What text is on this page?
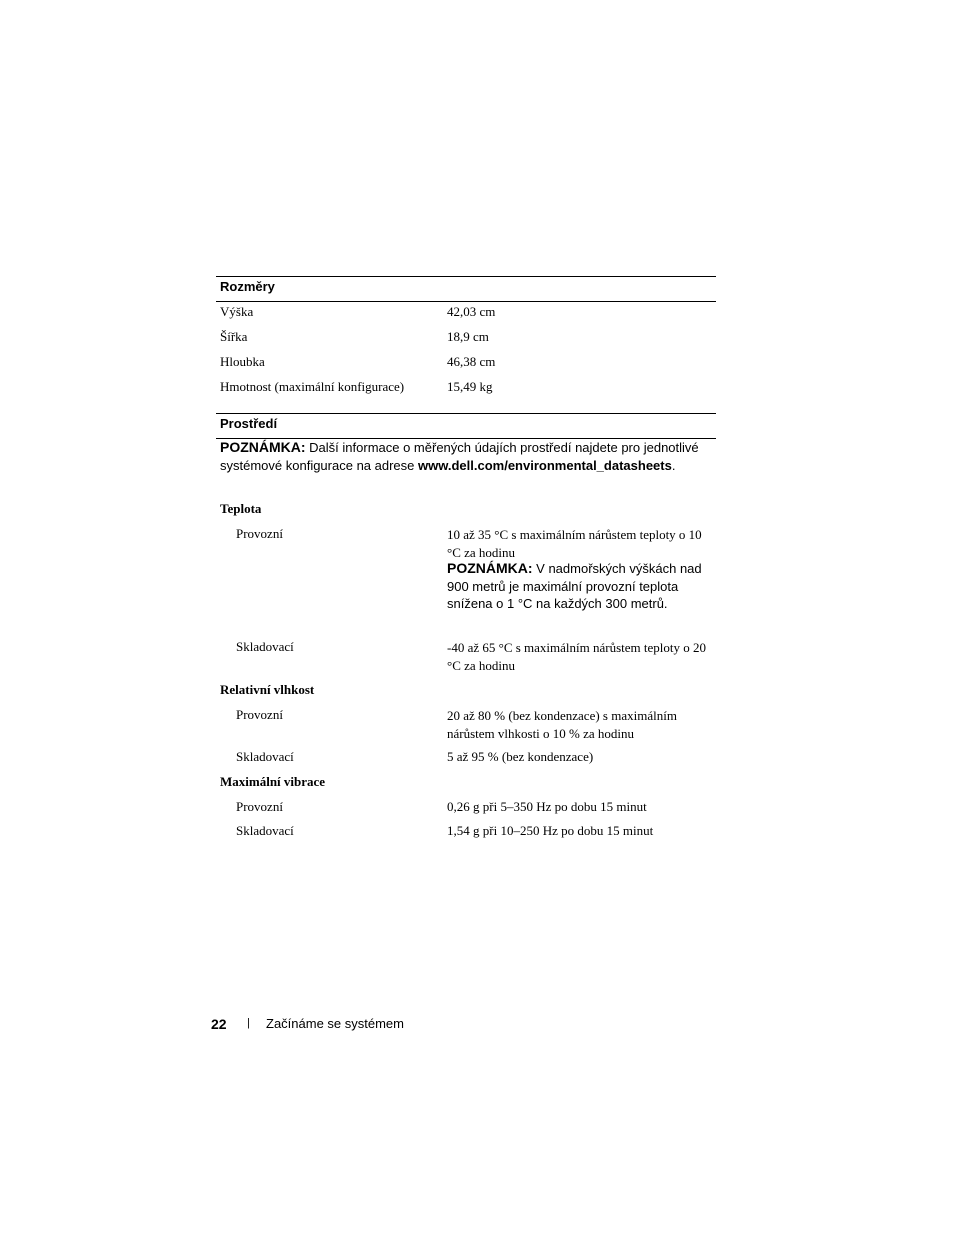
Rozměry
Výška	42,03 cm
Šířka	18,9 cm
Hloubka	46,38 cm
Hmotnost (maximální konfigurace)	15,49 kg
Prostředí
POZNÁMKA: Další informace o měřených údajích prostředí najdete pro jednotlivé systémové konfigurace na adrese www.dell.com/environmental_datasheets.
Teplota
Provozní	10 až 35 °C s maximálním nárůstem teploty o 10 °C za hodinu
POZNÁMKA: V nadmořských výškách nad 900 metrů je maximální provozní teplota snížena o 1 °C na každých 300 metrů.
Skladovací	-40 až 65 °C s maximálním nárůstem teploty o 20 °C za hodinu
Relativní vlhkost
Provozní	20 až 80 % (bez kondenzace) s maximálním nárůstem vlhkosti o 10 % za hodinu
Skladovací	5 až 95 % (bez kondenzace)
Maximální vibrace
Provozní	0,26 g při 5–350 Hz po dobu 15 minut
Skladovací	1,54 g při 10–250 Hz po dobu 15 minut
22 | Začínáme se systémem
